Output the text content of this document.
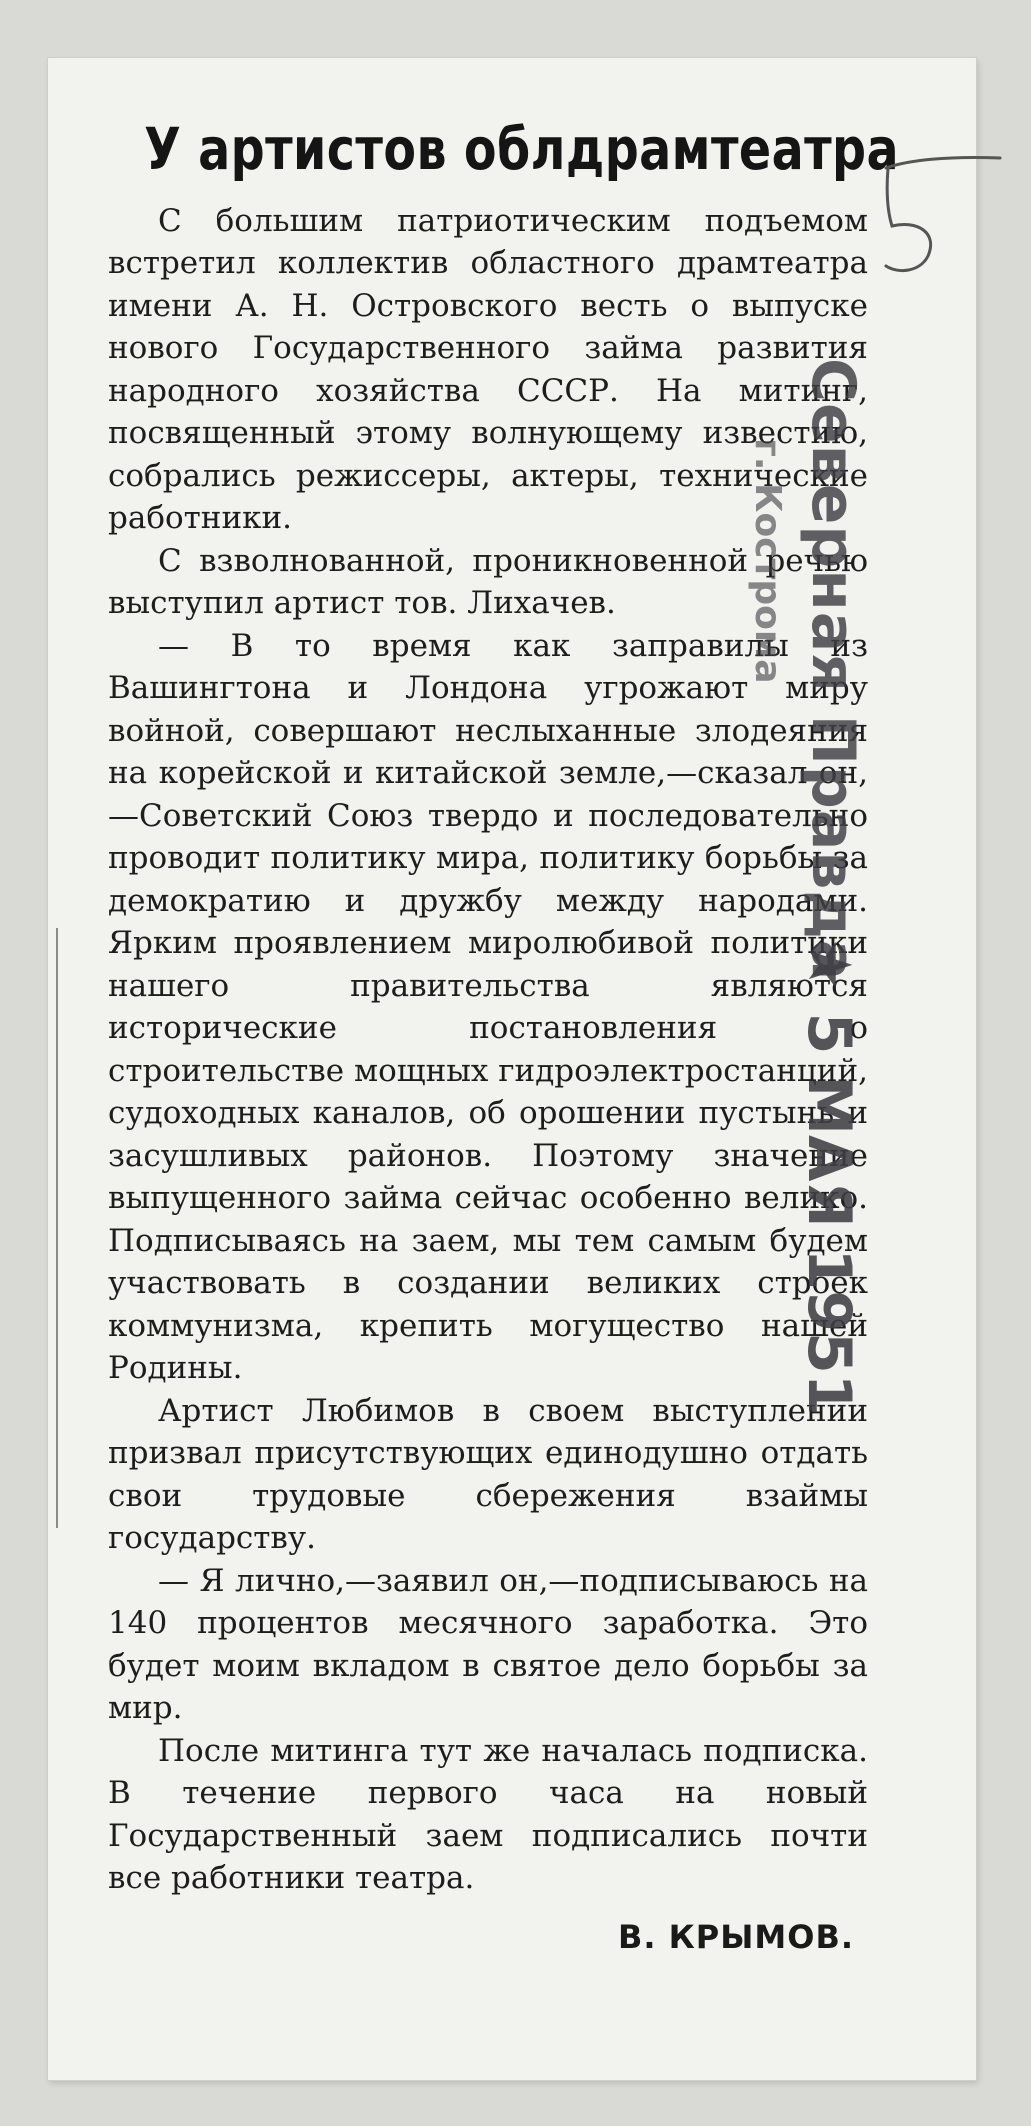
У артистов облдрамтеатра

С большим патриотическим подъемом встретил коллектив областного драмтеатра имени А. Н. Островского весть о выпуске нового Государственного займа развития народного хозяйства СССР. На митинг, посвященный этому волнующему известию, собрались режиссеры, актеры, технические работники.

С взволнованной, проникновенной речью выступил артист тов. Лихачев.

— В то время как заправилы из Вашингтона и Лондона угрожают миру войной, совершают неслыханные злодеяния на корейской и китайской земле,—сказал он, —Советский Союз твердо и последовательно проводит политику мира, политику борьбы за демократию и дружбу между народами. Ярким проявлением миролюбивой политики нашего правительства являются исторические постановления о строительстве мощных гидроэлектростанций, судоходных каналов, об орошении пустынь и засушливых районов. Поэтому значение выпущенного займа сейчас особенно велико. Подписываясь на заем, мы тем самым будем участвовать в создании великих строек коммунизма, крепить могущество нашей Родины.

Артист Любимов в своем выступлении призвал присутствующих единодушно отдать свои трудовые сбережения взаймы государству.

— Я лично,—заявил он,—подписываюсь на 140 процентов месячного заработка. Это будет моим вкладом в святое дело борьбы за мир.

После митинга тут же началась подписка. В течение первого часа на новый Государственный заем подписались почти все работники театра.

В. КРЫМОВ.
Северная Правда
★ 5 МАЯ 1951
г. Кострома
